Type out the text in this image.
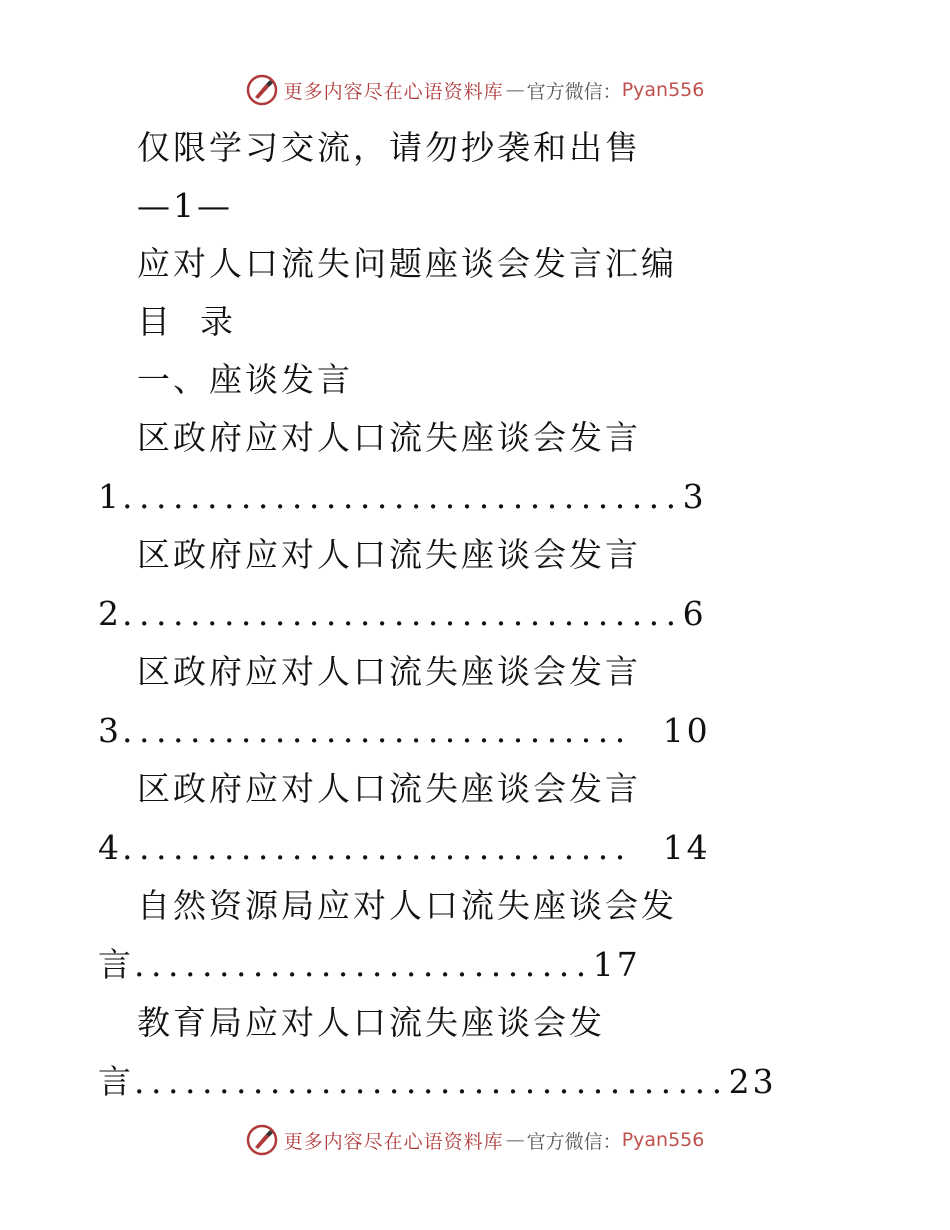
更多内容尽在心语资料库 — 官方微信： Pyan556
仅限学习交流，请勿抄袭和出售
—1—
应对人口流失问题座谈会发言汇编
目  录
一、座谈发言
区政府应对人口流失座谈会发言
1.................................3
区政府应对人口流失座谈会发言
2.................................6
区政府应对人口流失座谈会发言
3.............................. 10
区政府应对人口流失座谈会发言
4.............................. 14
自然资源局应对人口流失座谈会发
言...........................17
教育局应对人口流失座谈会发
言...................................23
更多内容尽在心语资料库 — 官方微信： Pyan556
